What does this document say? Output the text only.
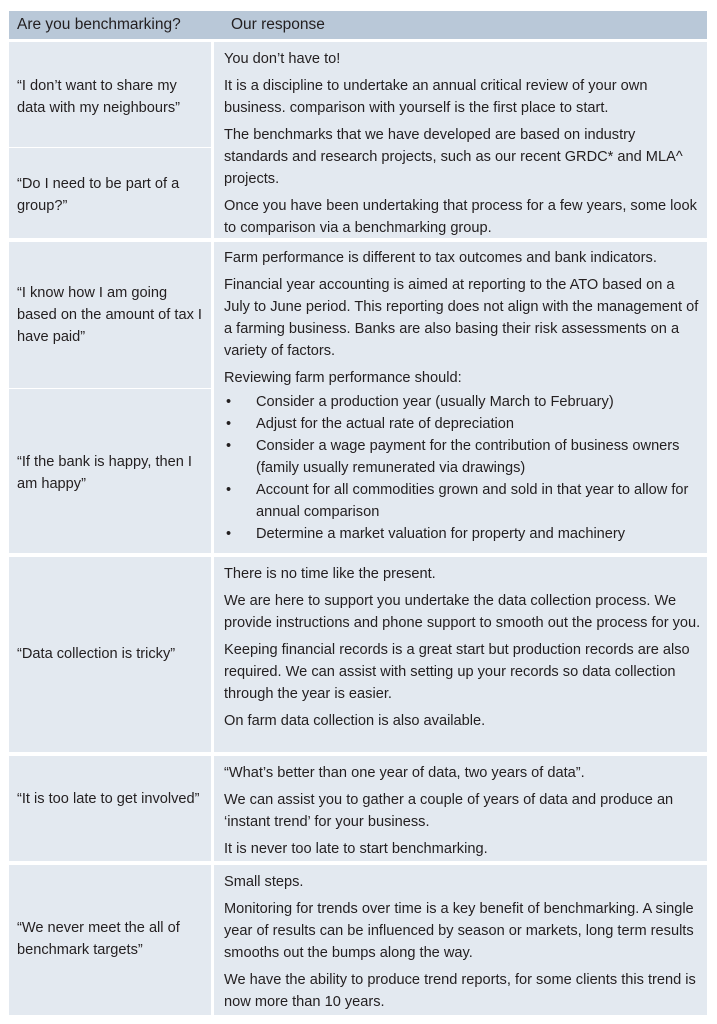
Are you benchmarking?	Our response
“I don’t want to share my data with my neighbours”
“Do I need to be part of a group?”

You don’t have to!

It is a discipline to undertake an annual critical review of your own business. comparison with yourself is the first place to start.

The benchmarks that we have developed are based on industry standards and research projects, such as our recent GRDC* and MLA^ projects.

Once you have been undertaking that process for a few years, some look to comparison via a benchmarking group.

“I know how I am going based on the amount of tax I have paid”
“If the bank is happy, then I am happy”

Farm performance is different to tax outcomes and bank indicators.

Financial year accounting is aimed at reporting to the ATO based on a July to June period. This reporting does not align with the management of a farming business. Banks are also basing their risk assessments on a variety of factors.

Reviewing farm performance should:

• Consider a production year (usually March to February)

• Adjust for the actual rate of depreciation

• Consider a wage payment for the contribution of business owners (family usually remunerated via drawings)

• Account for all commodities grown and sold in that year to allow for annual comparison

• Determine a market valuation for property and machinery

“Data collection is tricky”

There is no time like the present.

We are here to support you undertake the data collection process. We provide instructions and phone support to smooth out the process for you.

Keeping financial records is a great start but production records are also required. We can assist with setting up your records so data collection through the year is easier.

On farm data collection is also available.

“It is too late to get involved”

“What’s better than one year of data, two years of data”.

We can assist you to gather a couple of years of data and produce an ‘instant trend’ for your business.

It is never too late to start benchmarking.

“We never meet the all of benchmark targets”

Small steps.

Monitoring for trends over time is a key benefit of benchmarking. A single year of results can be influenced by season or markets, long term results smooths out the bumps along the way.

We have the ability to produce trend reports, for some clients this trend is now more than 10 years.
